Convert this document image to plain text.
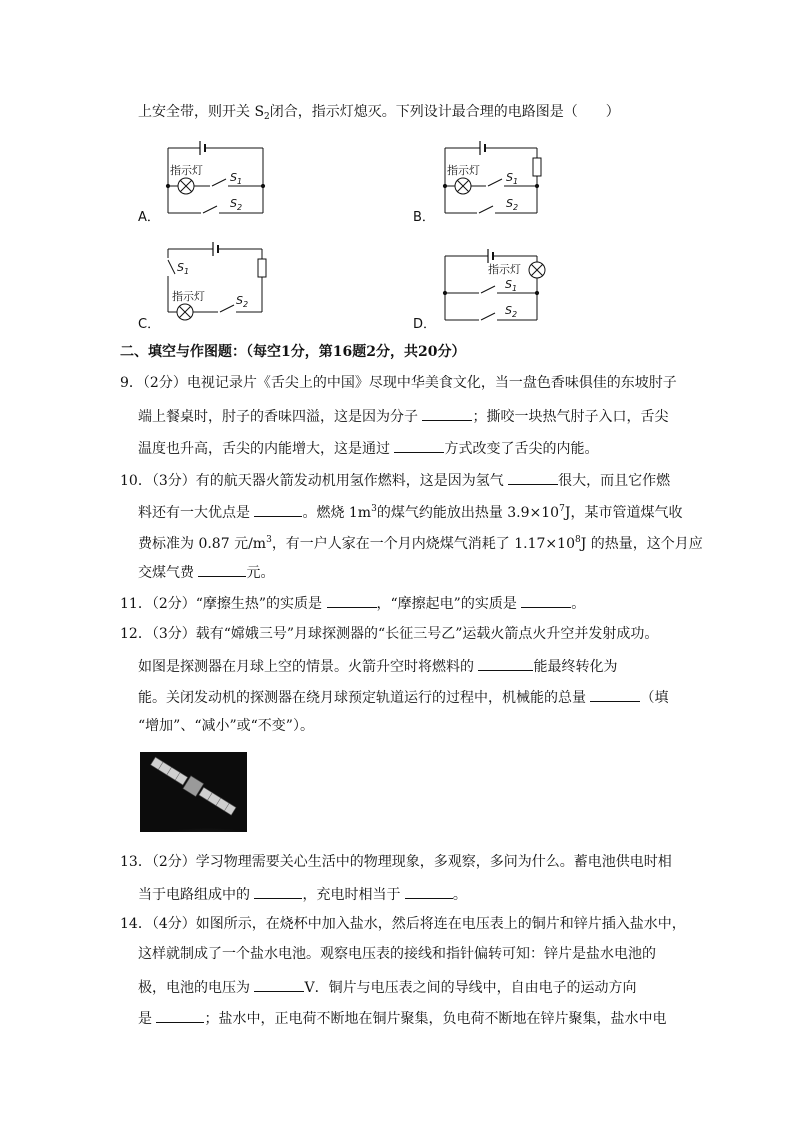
上安全带，则开关 $S_2$闭合，指示灯熄灭。下列设计最合理的电路图是（　　）
指示灯
$S_1$
$S_2$
指示灯
$S_1$
$S_2$
$S_1$
指示灯	$S_2$
指示灯
$S_1$
$S_2$
A．	B．
C．	D．
二、填空与作图题：（每空1分，第16题2分，共20分）
9．（2分）电视记录片《舌尖上的中国》尽现中华美食文化，当一盘色香味俱佳的东坡肘子
端上餐桌时，肘子的香味四溢，这是因为分子	；撕咬一块热气肘子入口，舌尖
温度也升高，舌尖的内能增大，这是通过	方式改变了舌尖的内能。
10．（3分）有的航天器火箭发动机用氢作燃料，这是因为氢气	很大，而且它作燃
料还有一大优点是	。燃烧 $1m^3$的煤气约能放出热量 $3.9\times 10^7J$，某市管道煤气收
费标准为 0.87 元$/m^3$，有一户人家在一个月内烧煤气消耗了 $1.17\times 10^8J$ 的热量，这个月应
交煤气费	元。
11．（2分）“摩擦生热”的实质是	，“摩擦起电”的实质是	。
12．（3分）载有“嫦娥三号”月球探测器的“长征三号乙”运载火箭点火升空并发射成功。
如图是探测器在月球上空的情景。火箭升空时将燃料的	能最终转化为
能。关闭发动机的探测器在绕月球预定轨道运行的过程中，机械能的总量	（填
“增加”、“减小”或“不变”）。
13．（2分）学习物理需要关心生活中的物理现象，多观察，多问为什么。蓄电池供电时相
当于电路组成中的	，充电时相当于	。
14．（4分）如图所示，在烧杯中加入盐水，然后将连在电压表上的铜片和锌片插入盐水中，
这样就制成了一个盐水电池。观察电压表的接线和指针偏转可知：锌片是盐水电池的
极，电池的电压为	V．铜片与电压表之间的导线中，自由电子的运动方向
是	；盐水中，正电荷不断地在铜片聚集，负电荷不断地在锌片聚集，盐水中电
